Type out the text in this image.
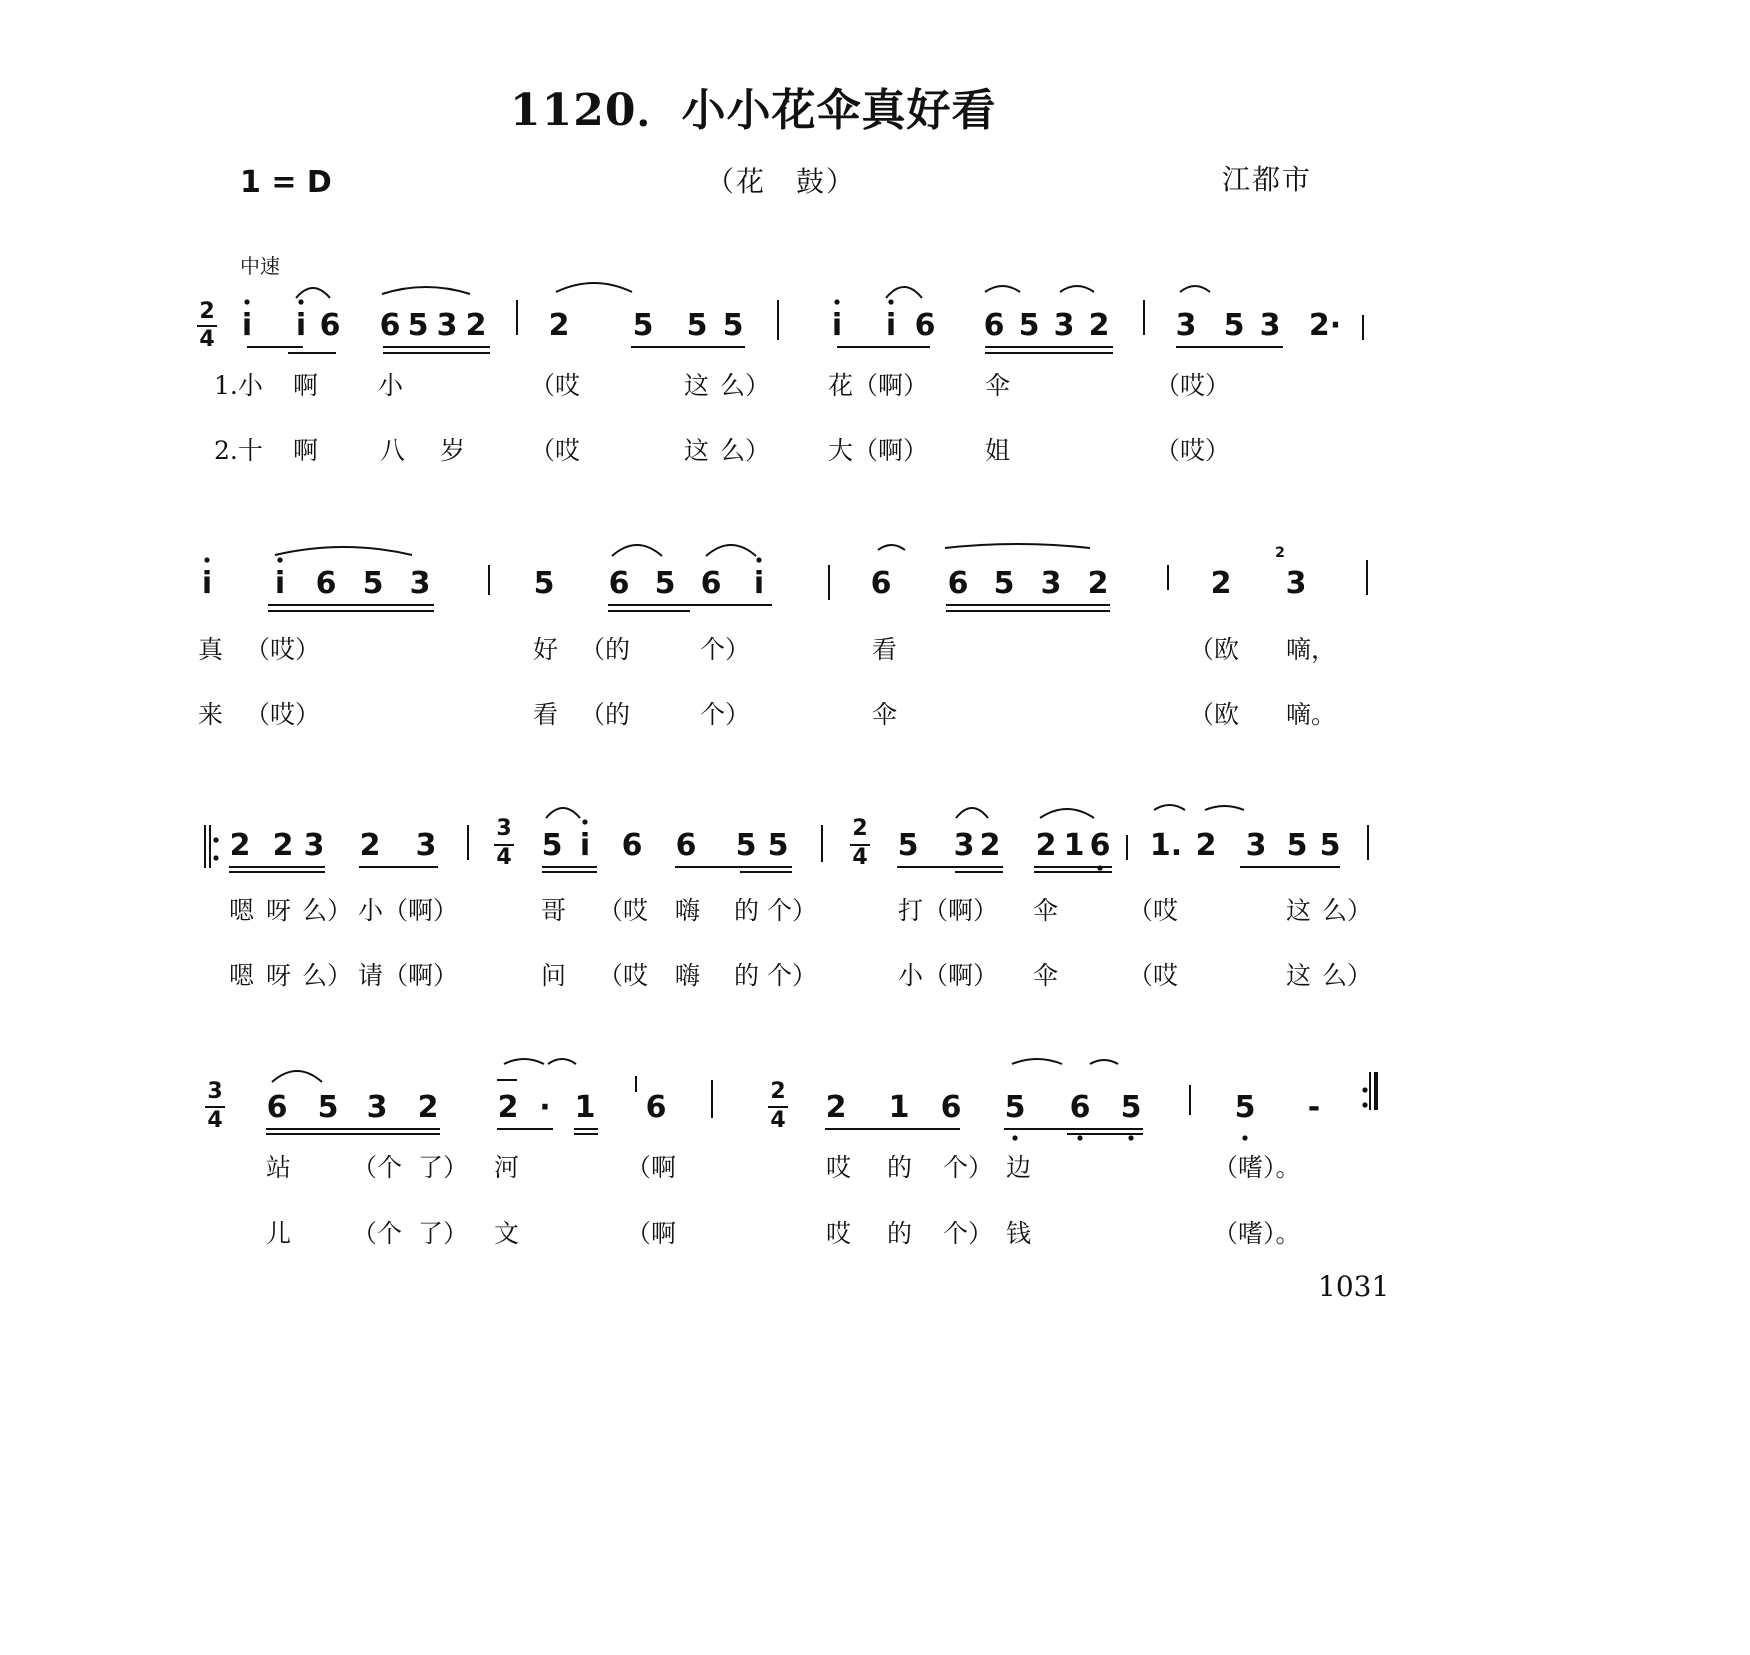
1120．小小花伞真好看
1 = D	（花　鼓）	江都市
中速
2
4 i i 6 6 5 3 2 2 5 5 5	i i 6 6 5 3 2 3 5 3 2·
i i 6 5 3	5 6 5 6 i	6 6 5 3 2	2 3
2
2 2 3 2 3	3
4 5 i 6 6 5 5	2
4 5 3 2 2 1 6 1. 2 3 5 5
3
4 6 5 3 2 2 · 1 6	2
4 2 1 6 5 6 5	5 -
1.小 啊 小	（哎	这 么） 花（啊） 伞	（哎）
2.十 啊 八 岁	（哎	这 么） 大（啊） 姐	（哎）
真 （哎）	好 （的	个）	看	（欧 嘀，
来 （哎）	看 （的	个）	伞	（欧 嘀。
嗯 呀 么） 小（啊）	哥 （哎 嗨 的 个）	打（啊） 伞	（哎	这 么）
嗯 呀 么） 请（啊）	问 （哎 嗨 的 个）	小（啊） 伞	（哎	这 么）
站 （个 了） 河	（啊	哎 的 个） 边	（嗜）。
儿 （个 了） 文	（啊	哎 的 个） 钱	（嗜）。
1031
